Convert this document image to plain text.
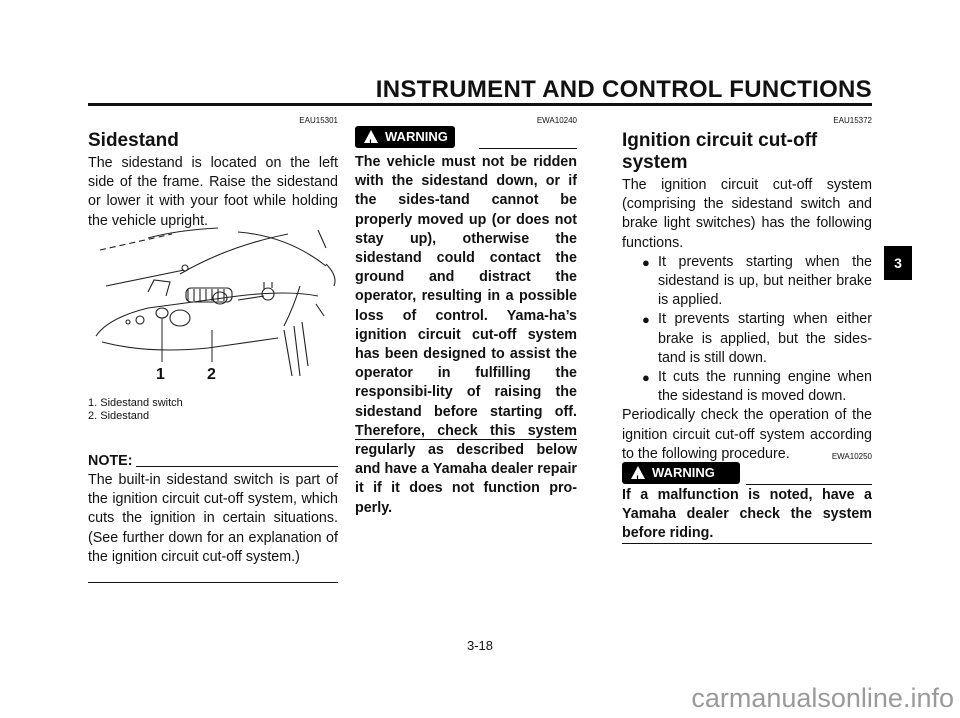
INSTRUMENT AND CONTROL FUNCTIONS
EAU15301
Sidestand

The sidestand is located on the left side of the frame. Raise the sidestand or lower it with your foot while holding the vehicle upright.

1	2
1. Sidestand switch
2. Sidestand
NOTE:

The built-in sidestand switch is part of the ignition circuit cut-off system, which cuts the ignition in certain situations. (See further down for an explanation of the ignition circuit cut-off system.)

EWA10240
! WARNING

The vehicle must not be ridden with the sidestand down, or if the sides-tand cannot be properly moved up (or does not stay up), otherwise the sidestand could contact the ground and distract the operator, resulting in a possible loss of control. Yama-ha’s ignition circuit cut-off system has been designed to assist the operator in fulfilling the responsibi-lity of raising the sidestand before starting off. Therefore, check this system regularly as described below and have a Yamaha dealer repair it if it does not function pro-perly.

EAU15372
Ignition circuit cut-off system

The ignition circuit cut-off system (comprising the sidestand switch and brake light switches) has the following functions.

● It prevents starting when the sidestand is up, but neither brake is applied.
● It prevents starting when either brake is applied, but the sides-tand is still down.
● It cuts the running engine when the sidestand is moved down.

Periodically check the operation of the ignition circuit cut-off system according to the following procedure.	EWA10250
! WARNING

If a malfunction is noted, have a Yamaha dealer check the system before riding.

3
3-18
carmanualsonline.info
